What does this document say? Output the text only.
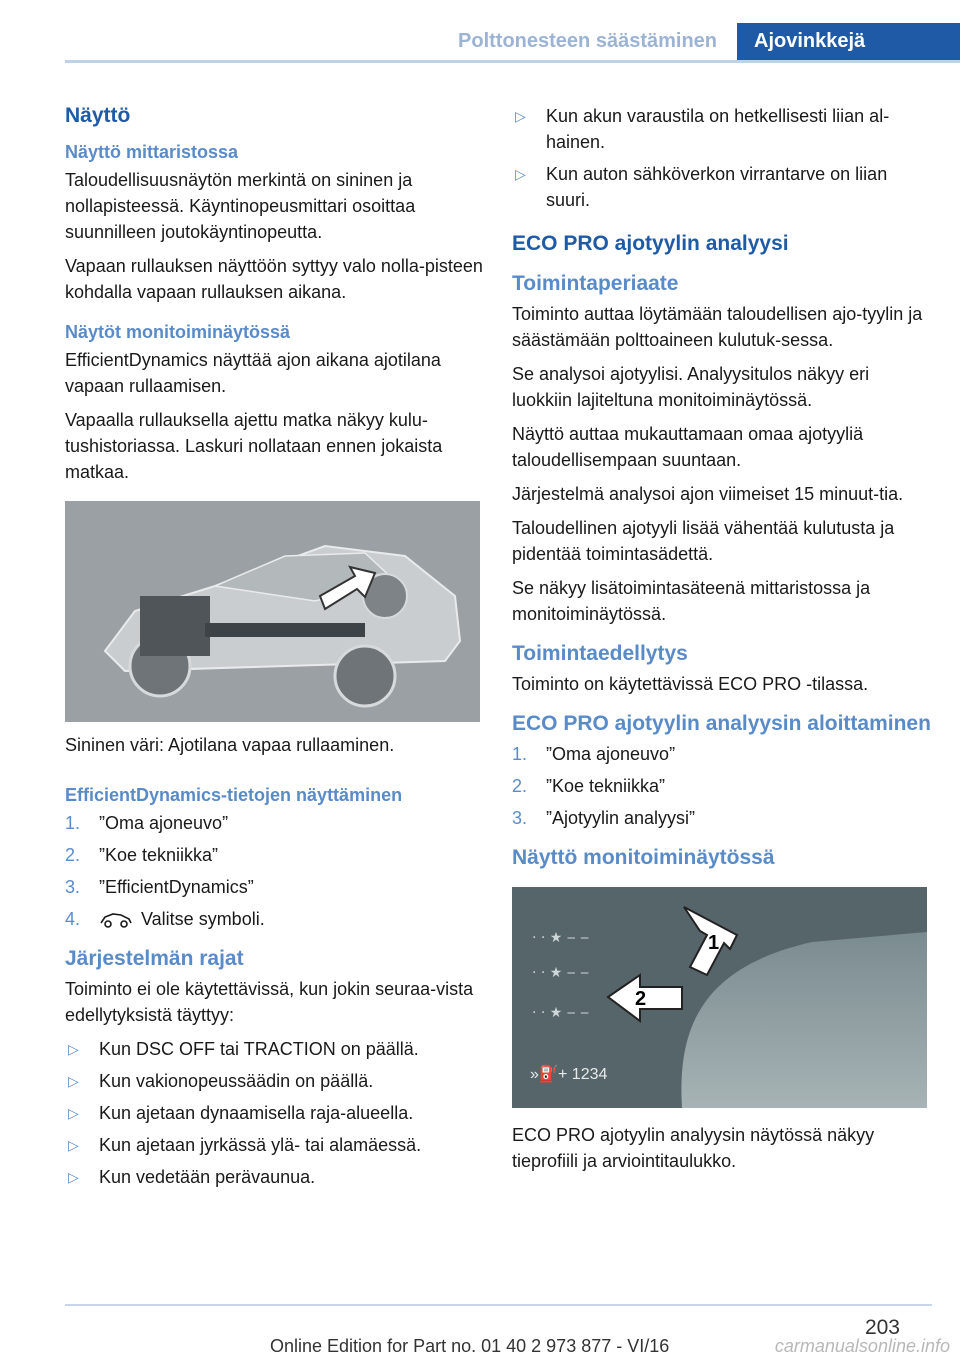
Polttonesteen säästäminen	Ajovinkkejä
Näyttö
Näyttö mittaristossa

Taloudellisuusnäytön merkintä on sininen ja nollapisteessä. Käyntinopeusmittari osoittaa suunnilleen joutokäyntinopeutta.

Vapaan rullauksen näyttöön syttyy valo nolla-pisteen kohdalla vapaan rullauksen aikana.

Näytöt monitoiminäytössä

EfficientDynamics näyttää ajon aikana ajotilana vapaan rullaamisen.

Vapaalla rullauksella ajettu matka näkyy kulu-tushistoriassa. Laskuri nollataan ennen jokaista matkaa.

Sininen väri: Ajotilana vapaa rullaaminen.
EfficientDynamics-tietojen näyttäminen
1. ”Oma ajoneuvo”
2. ”Koe tekniikka”
3. ”EfficientDynamics”
4.	Valitse symboli.
Järjestelmän rajat

Toiminto ei ole käytettävissä, kun jokin seuraa-vista edellytyksistä täyttyy:

▷ Kun DSC OFF tai TRACTION on päällä.
▷ Kun vakionopeussäädin on päällä.
▷ Kun ajetaan dynaamisella raja-alueella.
▷ Kun ajetaan jyrkässä ylä- tai alamäessä.
▷ Kun vedetään perävaunua.
▷ Kun akun varaustila on hetkellisesti liian al-hainen.
▷ Kun auton sähköverkon virrantarve on liian suuri.
ECO PRO ajotyylin analyysi
Toimintaperiaate

Toiminto auttaa löytämään taloudellisen ajo-tyylin ja säästämään polttoaineen kulutuk-sessa.

Se analysoi ajotyylisi. Analyysitulos näkyy eri luokkiin lajiteltuna monitoiminäytössä.

Näyttö auttaa mukauttamaan omaa ajotyyliä taloudellisempaan suuntaan.

Järjestelmä analysoi ajon viimeiset 15 minuut-tia.

Taloudellinen ajotyyli lisää vähentää kulutusta ja pidentää toimintasädettä.

Se näkyy lisätoimintasäteenä mittaristossa ja monitoiminäytössä.

Toimintaedellytys

Toiminto on käytettävissä ECO PRO -tilassa.

ECO PRO ajotyylin analyysin aloittaminen
1. ”Oma ajoneuvo”
2. ”Koe tekniikka”
3. ”Ajotyylin analyysi”
Näyttö monitoiminäytössä
· · ★ ‒ ‒
· · ★ ‒ ‒
· · ★ ‒ ‒
1
2
»⛽ + 1234
ECO PRO ajotyylin analyysin näytössä näkyy tieprofiili ja arviointitaulukko.
203
Online Edition for Part no. 01 40 2 973 877 - VI/16	carmanualsonline.info
